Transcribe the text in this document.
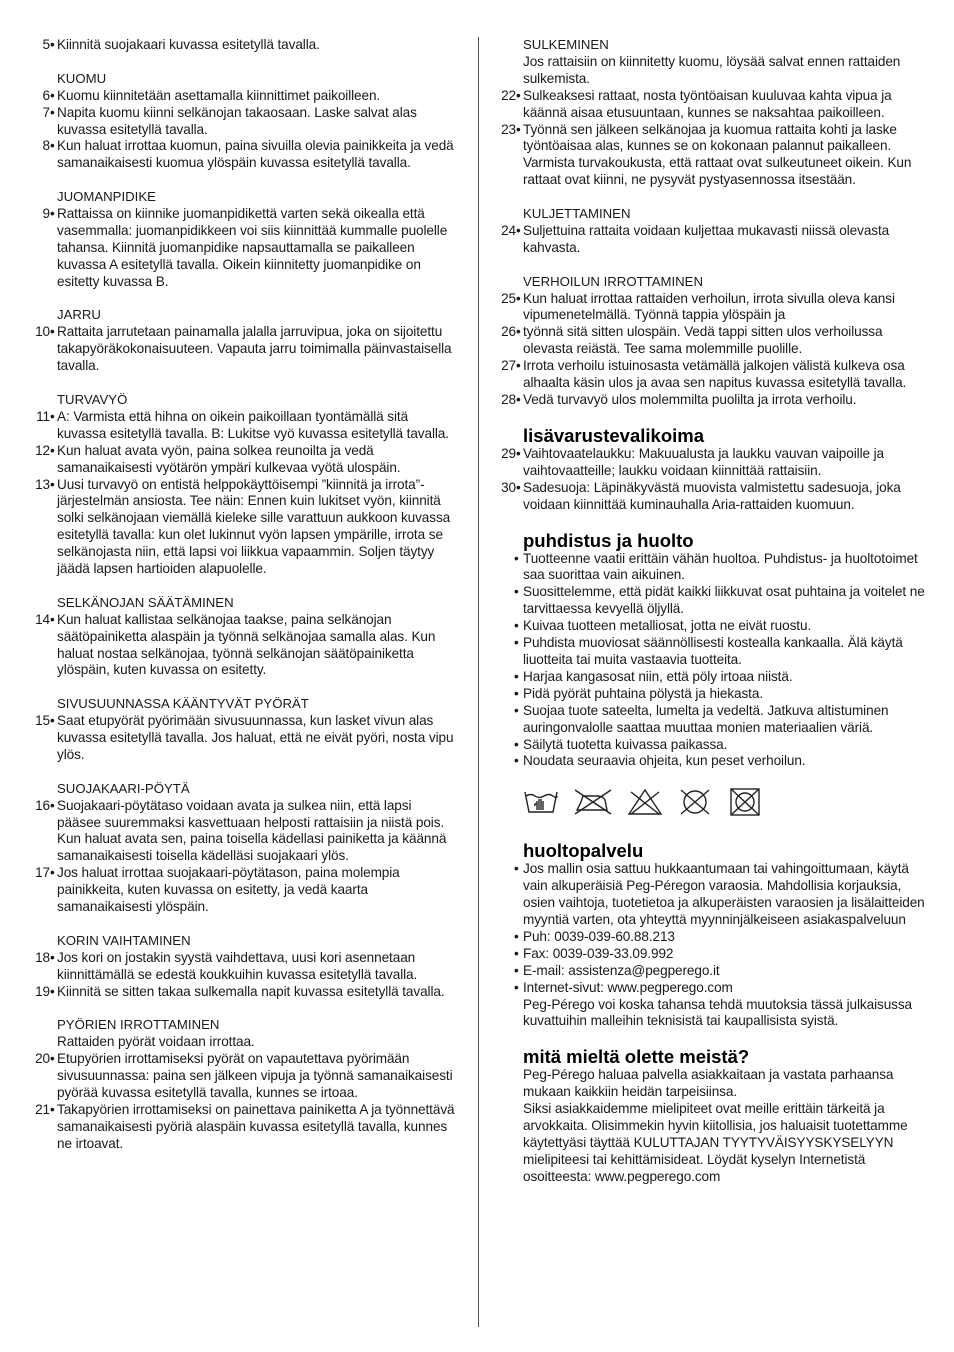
5 • Kiinnitä suojakaari kuvassa esitetyllä tavalla.
KUOMU
6 • Kuomu kiinnitetään asettamalla kiinnittimet paikoilleen.
7 • Napita kuomu kiinni selkänojan takaosaan. Laske salvat alas kuvassa esitetyllä tavalla.
8 • Kun haluat irrottaa kuomun, paina sivuilla olevia painikkeita ja vedä samanaikaisesti kuomua ylöspäin kuvassa esitetyllä tavalla.
JUOMANPIDIKE
9 • Rattaissa on kiinnike juomanpidikettä varten sekä oikealla että vasemmalla: juomanpidikkeen voi siis kiinnittää kummalle puolelle tahansa. Kiinnitä juomanpidike napsauttamalla se paikalleen kuvassa A esitetyllä tavalla. Oikein kiinnitetty juomanpidike on esitetty kuvassa B.
JARRU
10 • Rattaita jarrutetaan painamalla jalalla jarruvipua, joka on sijoitettu takapyöräkokonaisuuteen. Vapauta jarru toimimalla päinvastaisella tavalla.
TURVAVYÖ
11 • A: Varmista että hihna on oikein paikoillaan tyontämällä sitä kuvassa esitetyllä tavalla. B: Lukitse vyö kuvassa esitetyllä tavalla.
12 • Kun haluat avata vyön, paina solkea reunoilta ja vedä samanaikaisesti vyötärön ympäri kulkevaa vyötä ulospäin.
13 • Uusi turvavyö on entistä helppokäyttöisempi ”kiinnitä ja irrota”-järjestelmän ansiosta. Tee näin: Ennen kuin lukitset vyön, kiinnitä solki selkänojaan viemällä kieleke sille varattuun aukkoon kuvassa esitetyllä tavalla: kun olet lukinnut vyön lapsen ympärille, irrota se selkänojasta niin, että lapsi voi liikkua vapaammin. Soljen täytyy jäädä lapsen hartioiden alapuolelle.
SELKÄNOJAN SÄÄTÄMINEN
14 • Kun haluat kallistaa selkänojaa taakse, paina selkänojan säätöpainiketta alaspäin ja työnnä selkänojaa samalla alas. Kun haluat nostaa selkänojaa, työnnä selkänojan säätöpainiketta ylöspäin, kuten kuvassa on esitetty.
SIVUSUUNNASSA KÄÄNTYVÄT PYÖRÄT
15 • Saat etupyörät pyörimään sivusuunnassa, kun lasket vivun alas kuvassa esitetyllä tavalla. Jos haluat, että ne eivät pyöri, nosta vipu ylös.
SUOJAKAARI-PÖYTÄ
16 • Suojakaari-pöytätaso voidaan avata ja sulkea niin, että lapsi pääsee suuremmaksi kasvettuaan helposti rattaisiin ja niistä pois. Kun haluat avata sen, paina toisella kädellasi painiketta ja käännä samanaikaisesti toisella kädelläsi suojakaari ylös.
17 • Jos haluat irrottaa suojakaari-pöytätason, paina molempia painikkeita, kuten kuvassa on esitetty, ja vedä kaarta samanaikaisesti ylöspäin.
KORIN VAIHTAMINEN
18 • Jos kori on jostakin syystä vaihdettava, uusi kori asennetaan kiinnittämällä se edestä koukkuihin kuvassa esitetyllä tavalla.
19 • Kiinnitä se sitten takaa sulkemalla napit kuvassa esitetyllä tavalla.
PYÖRIEN IRROTTAMINEN
Rattaiden pyörät voidaan irrottaa.
20 • Etupyörien irrottamiseksi pyörät on vapautettava pyörimään sivusuunnassa: paina sen jälkeen vipuja ja työnnä samanaikaisesti pyörää kuvassa esitetyllä tavalla, kunnes se irtoaa.
21 • Takapyörien irrottamiseksi on painettava painiketta A ja työnnettävä samanaikaisesti pyöriä alaspäin kuvassa esitetyllä tavalla, kunnes ne irtoavat.
SULKEMINEN
Jos rattaisiin on kiinnitetty kuomu, löysää salvat ennen rattaiden sulkemista.
22 • Sulkeaksesi rattaat, nosta työntöaisan kuuluvaa kahta vipua ja käännä aisaa etusuuntaan, kunnes se naksahtaa paikoilleen.
23 • Työnnä sen jälkeen selkänojaa ja kuomua rattaita kohti ja laske työntöaisaa alas, kunnes se on kokonaan palannut paikalleen. Varmista turvakoukusta, että rattaat ovat sulkeutuneet oikein. Kun rattaat ovat kiinni, ne pysyvät pystyasennossa itsestään.
KULJETTAMINEN
24 • Suljettuina rattaita voidaan kuljettaa mukavasti niissä olevasta kahvasta.
VERHOILUN IRROTTAMINEN
25 • Kun haluat irrottaa rattaiden verhoilun, irrota sivulla oleva kansi vipumenetelmällä. Työnnä tappia ylöspäin ja
26 • työnnä sitä sitten ulospäin. Vedä tappi sitten ulos verhoilussa olevasta reiästä. Tee sama molemmille puolille.
27 • Irrota verhoilu istuinosasta vetämällä jalkojen välistä kulkeva osa alhaalta käsin ulos ja avaa sen napitus kuvassa esitetyllä tavalla.
28 • Vedä turvavyö ulos molemmilta puolilta ja irrota verhoilu.
lisävarustevalikoima
29 • Vaihtovaatelaukku: Makuualusta ja laukku vauvan vaipoille ja vaihtovaatteille; laukku voidaan kiinnittää rattaisiin.
30 • Sadesuoja: Läpinäkyvästä muovista valmistettu sadesuoja, joka voidaan kiinnittää kuminauhalla Aria-rattaiden kuomuun.
puhdistus ja huolto
• Tuotteenne vaatii erittäin vähän huoltoa. Puhdistus- ja huoltotoimet saa suorittaa vain aikuinen.
• Suosittelemme, että pidät kaikki liikkuvat osat puhtaina ja voitelet ne tarvittaessa kevyellä öljyllä.
• Kuivaa tuotteen metalliosat, jotta ne eivät ruostu.
• Puhdista muoviosat säännöllisesti kostealla kankaalla. Älä käytä liuotteita tai muita vastaavia tuotteita.
• Harjaa kangasosat niin, että pöly irtoaa niistä.
• Pidä pyörät puhtaina pölystä ja hiekasta.
• Suojaa tuote sateelta, lumelta ja vedeltä. Jatkuva altistuminen auringonvalolle saattaa muuttaa monien materiaalien väriä.
• Säilytä tuotetta kuivassa paikassa.
• Noudata seuraavia ohjeita, kun peset verhoilun.
huoltopalvelu
• Jos mallin osia sattuu hukkaantumaan tai vahingoittumaan, käytä vain alkuperäisiä Peg-Péregon varaosia. Mahdollisia korjauksia, osien vaihtoja, tuotetietoa ja alkuperäisten varaosien ja lisälaitteiden myyntiä varten, ota yhteyttä myynninjälkeiseen asiakaspalveluun
• Puh: 0039-039-60.88.213
• Fax: 0039-039-33.09.992
• E-mail: assistenza@pegperego.it
• Internet-sivut: www.pegperego.com
Peg-Pérego voi koska tahansa tehdä muutoksia tässä julkaisussa kuvattuihin malleihin teknisistä tai kaupallisista syistä.
mitä mieltä olette meistä?
Peg-Pérego haluaa palvella asiakkaitaan ja vastata parhaansa mukaan kaikkiin heidän tarpeisiinsa.
Siksi asiakkaidemme mielipiteet ovat meille erittäin tärkeitä ja arvokkaita. Olisimmekin hyvin kiitollisia, jos haluaisit tuotettamme käytettyäsi täyttää KULUTTAJAN TYYTYVÄISYYSKYSELYYN mielipiteesi tai kehittämisideat. Löydät kyselyn Internetistä osoitteesta: www.pegperego.com
